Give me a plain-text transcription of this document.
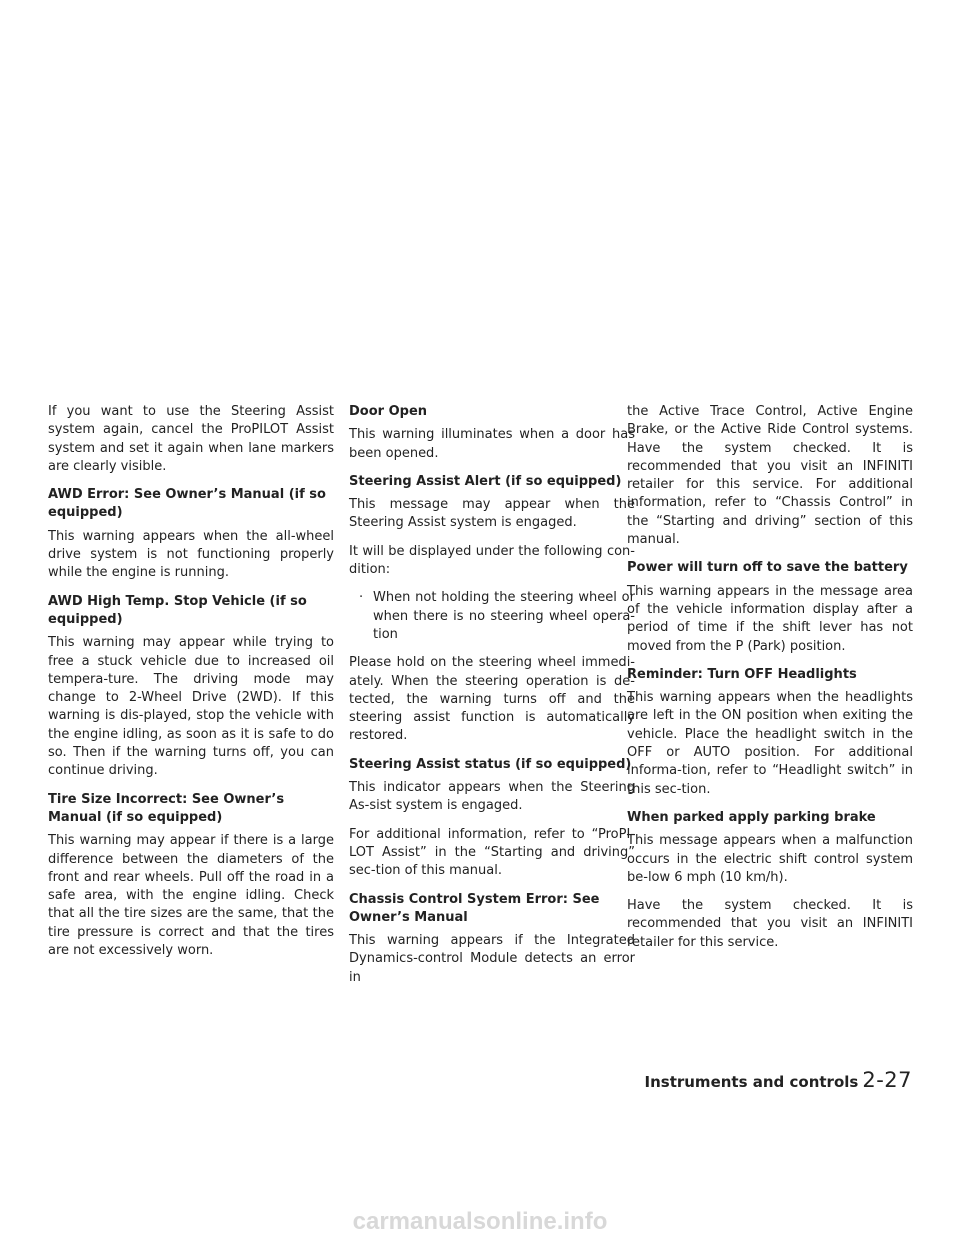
If you want to use the Steering Assist system again, cancel the ProPILOT Assist system and set it again when lane markers are clearly visible.

AWD Error: See Owner’s Manual (if so equipped)

This warning appears when the all-wheel drive system is not functioning properly while the engine is running.

AWD High Temp. Stop Vehicle (if so equipped)

This warning may appear while trying to free a stuck vehicle due to increased oil tempera-ture. The driving mode may change to 2-Wheel Drive (2WD). If this warning is dis-played, stop the vehicle with the engine idling, as soon as it is safe to do so. Then if the warning turns off, you can continue driving.

Tire Size Incorrect: See Owner’s Manual (if so equipped)

This warning may appear if there is a large difference between the diameters of the front and rear wheels. Pull off the road in a safe area, with the engine idling. Check that all the tire sizes are the same, that the tire pressure is correct and that the tires are not excessively worn.

Door Open

This warning illuminates when a door has been opened.

Steering Assist Alert (if so equipped)

This message may appear when the Steering Assist system is engaged.

It will be displayed under the following con-dition:

· When not holding the steering wheel or when there is no steering wheel opera-tion

Please hold on the steering wheel immedi-ately. When the steering operation is de-tected, the warning turns off and the steering assist function is automatically restored.

Steering Assist status (if so equipped)

This indicator appears when the Steering As-sist system is engaged.

For additional information, refer to “ProPI-LOT Assist” in the “Starting and driving” sec-tion of this manual.

Chassis Control System Error: See Owner’s Manual

This warning appears if the Integrated Dynamics-control Module detects an error in

the Active Trace Control, Active Engine Brake, or the Active Ride Control systems. Have the system checked. It is recommended that you visit an INFINITI retailer for this service. For additional information, refer to “Chassis Control” in the “Starting and driving” section of this manual.

Power will turn off to save the battery

This warning appears in the message area of the vehicle information display after a period of time if the shift lever has not moved from the P (Park) position.

Reminder: Turn OFF Headlights

This warning appears when the headlights are left in the ON position when exiting the vehicle. Place the headlight switch in the OFF or AUTO position. For additional informa-tion, refer to “Headlight switch” in this sec-tion.

When parked apply parking brake

This message appears when a malfunction occurs in the electric shift control system be-low 6 mph (10 km/h).

Have the system checked. It is recommended that you visit an INFINITI retailer for this service.

Instruments and controls 2-27
carmanualsonline.info
